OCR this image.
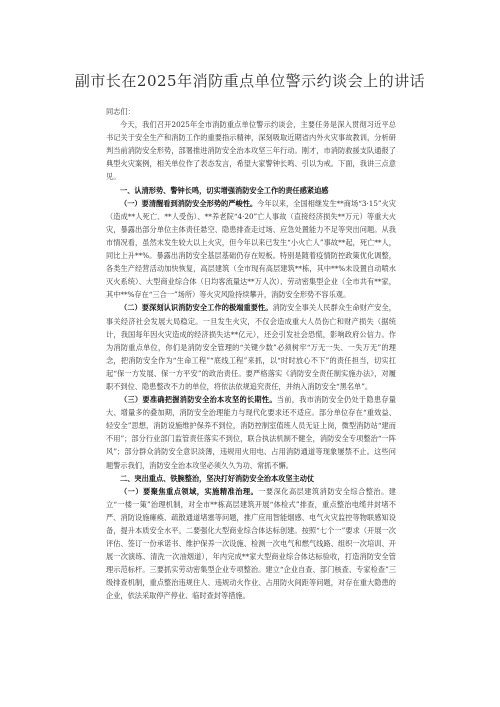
副市长在2025年消防重点单位警示约谈会上的讲话

同志们：

今天，我们召开2025年全市消防重点单位警示约谈会，主要任务是深入贯彻习近平总书记关于安全生产和消防工作的重要指示精神，深刻吸取近期省内外火灾事故教训，分析研判当前消防安全形势，部署推进消防安全治本攻坚三年行动。刚才，市消防救援支队通报了典型火灾案例，相关单位作了表态发言，希望大家警钟长鸣、引以为戒。下面，我讲三点意见。

一、认清形势、警钟长鸣，切实增强消防安全工作的责任感紧迫感

（一）要清醒看到消防安全形势的严峻性。今年以来，全国相继发生**商场“3·15”火灾（造成**人死亡、**人受伤）、**养老院“4·20”亡人事故（直接经济损失**万元）等重大火灾，暴露出部分单位主体责任悬空、隐患排查走过场、应急处置能力不足等突出问题。从我市情况看，虽然未发生较大以上火灾，但今年以来已发生“小火亡人”事故**起，死亡**人，同比上升**%。暴露出消防安全基层基础仍存在短板。特别是随着疫情防控政策优化调整，各类生产经营活动加快恢复，高层建筑（全市现有高层建筑**栋，其中**%未设置自动喷水灭火系统）、大型商业综合体（日均客流量达**万人次）、劳动密集型企业（全市共有**家，其中**%存在“三合一”场所）等火灾风险持续攀升，消防安全形势不容乐观。

（二）要深刻认识消防安全工作的极端重要性。消防安全事关人民群众生命财产安全，事关经济社会发展大局稳定。一旦发生火灾，不仅会造成重大人员伤亡和财产损失（据统计，我国每年因火灾造成的经济损失达**亿元），还会引发社会恐慌，影响政府公信力。作为消防重点单位，你们是消防安全管理的“关键少数”必须树牢“万无一失、一失万无”的理念，把消防安全作为“生命工程”“底线工程”来抓，以“时时放心不下”的责任担当，切实扛起“保一方发展、保一方平安”的政治责任。要严格落实《消防安全责任制实施办法》，对履职不到位、隐患整改不力的单位，将依法依规追究责任，并纳入消防安全“黑名单”。

（三）要准确把握消防安全治本攻坚的长期性。当前，我市消防安全仍处于隐患存量大、增量多的叠加期，消防安全治理能力与现代化要求还不适应。部分单位存在“重效益、轻安全”思想，消防设施维护保养不到位，消防控制室值班人员无证上岗，微型消防站“建而不用”；部分行业部门监管责任落实不到位，联合执法机制不健全，消防安全专项整治“一阵风”；部分群众消防安全意识淡薄，违规用火用电、占用消防通道等现象屡禁不止。这些问题警示我们，消防安全治本攻坚必须久久为功、常抓不懈。

二、突出重点、铁腕整治，坚决打好消防安全治本攻坚主动仗

（一）要聚焦重点领域，实施精准治理。一要深化高层建筑消防安全综合整治。建立“一楼一策”治理机制，对全市**栋高层建筑开展“体检式”排查，重点整治电缆井封堵不严、消防设施瘫痪、疏散通道堵塞等问题，推广应用智能烟感、电气火灾监控等物联感知设备，提升本质安全水平。二要强化大型商业综合体达标创建。按照“七个一”要求（开展一次评估、签订一份承诺书、维护保养一次设施、检测一次电气和燃气线路、组织一次培训、开展一次演练、清洗一次油烟道），年内完成**家大型商业综合体达标验收，打造消防安全管理示范标杆。三要抓实劳动密集型企业专项整治。建立“企业自查、部门核查、专家检查”三级排查机制，重点整治违规住人、违规动火作业、占用防火间距等问题，对存在重大隐患的企业，依法采取停产停业、临时查封等措施。
